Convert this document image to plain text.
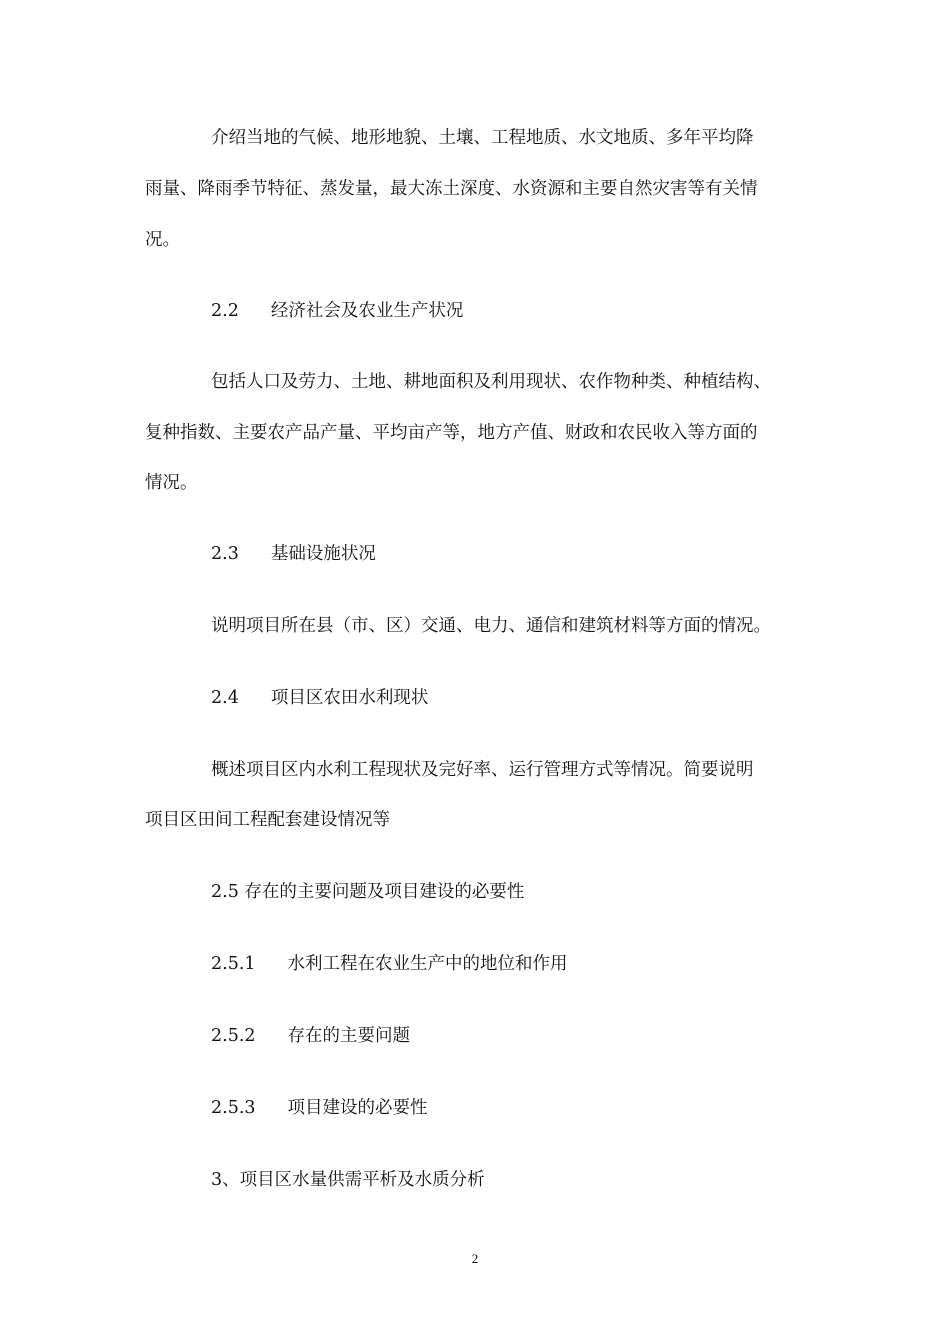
介绍当地的气候、地形地貌、土壤、工程地质、水文地质、多年平均降
雨量、降雨季节特征、蒸发量，最大冻土深度、水资源和主要自然灾害等有关情
况。
2.2 经济社会及农业生产状况
包括人口及劳力、土地、耕地面积及利用现状、农作物种类、种植结构、
复种指数、主要农产品产量、平均亩产等，地方产值、财政和农民收入等方面的
情况。
2.3 基础设施状况
说明项目所在县（市、区）交通、电力、通信和建筑材料等方面的情况。
2.4 项目区农田水利现状
概述项目区内水利工程现状及完好率、运行管理方式等情况。简要说明
项目区田间工程配套建设情况等
2.5 存在的主要问题及项目建设的必要性
2.5.1 水利工程在农业生产中的地位和作用
2.5.2 存在的主要问题
2.5.3 项目建设的必要性
3、项目区水量供需平析及水质分析
2
